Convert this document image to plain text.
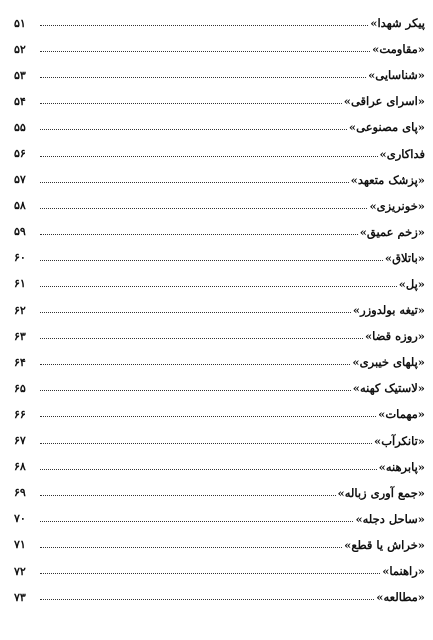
۵۱	پیکر شهدا»
۵۲	«مقاومت»
۵۳	«شناسایی»
۵۴	«اسرای عراقی»
۵۵	«پای مصنوعی»
۵۶	فداکاری»
۵۷	«پزشک متعهد»
۵۸	«خونریزی»
۵۹	«زخم عمیق»
۶۰	«باتلاق»
۶۱	«پل»
۶۲	«تیغه بولدوزر»
۶۳	«روزه قضا»
۶۴	«پلهای خیبری»
۶۵	«لاستیک کهنه»
۶۶	«مهمات»
۶۷	«تانکرآب»
۶۸	«پابرهنه»
۶۹	«جمع آوری زباله»
۷۰	«ساحل دجله»
۷۱	«خراش یا قطع»
۷۲	«راهنما»
۷۳	«مطالعه»
